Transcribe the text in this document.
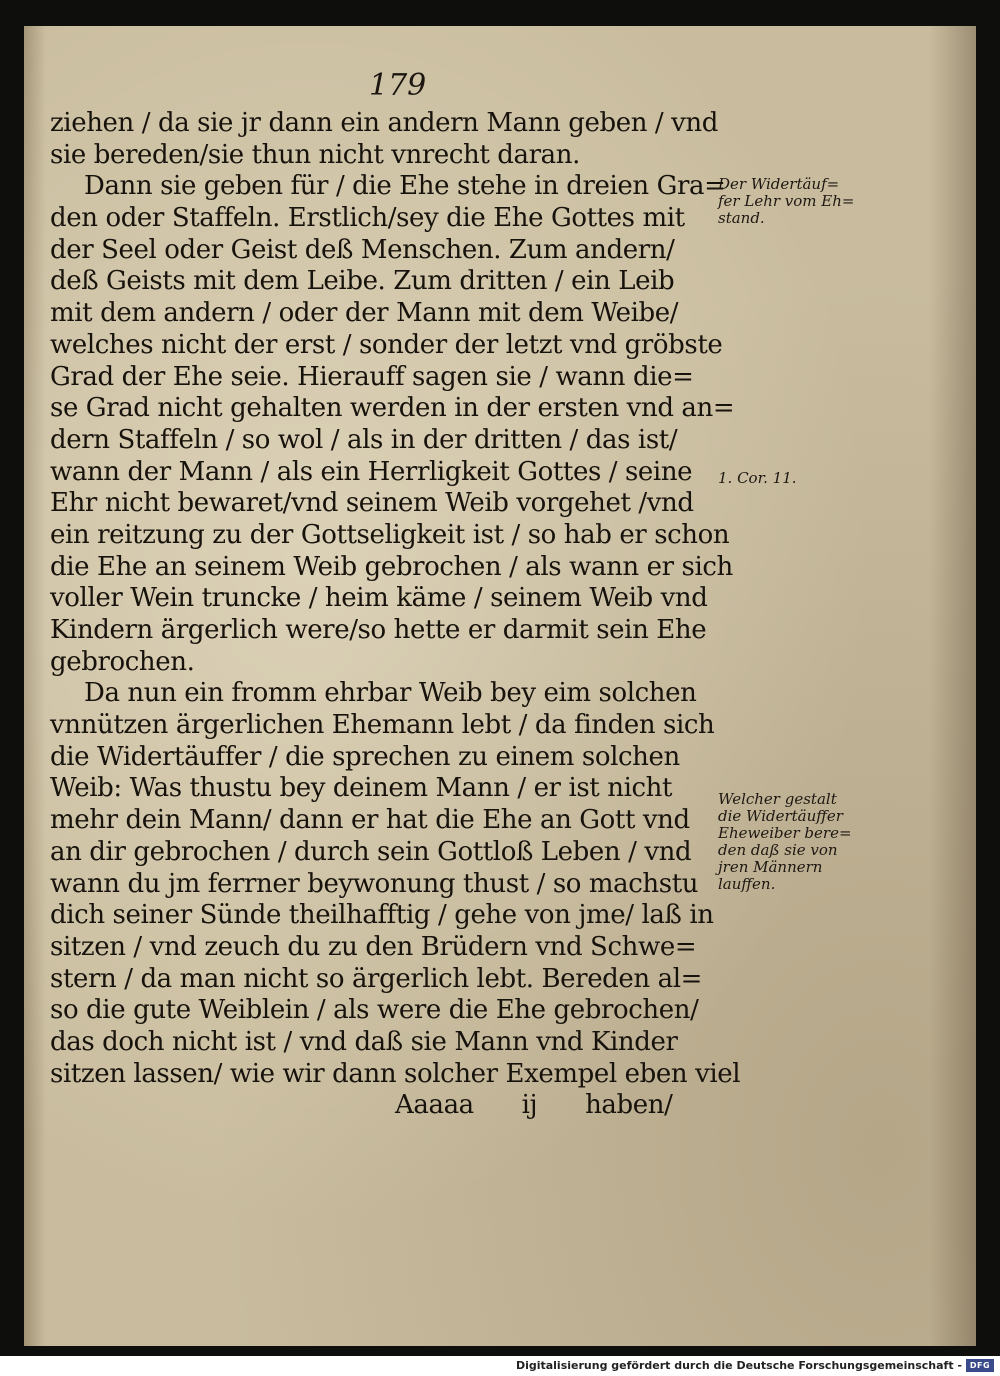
179
ziehen / da sie jr dann ein andern Mann geben / vnd
sie bereden/sie thun nicht vnrecht daran.
Dann sie geben für / die Ehe stehe in dreien Gra=
den oder Staffeln. Erstlich/sey die Ehe Gottes mit
der Seel oder Geist deß Menschen. Zum andern/
deß Geists mit dem Leibe. Zum dritten / ein Leib
mit dem andern / oder der Mann mit dem Weibe/
welches nicht der erst / sonder der letzt vnd gröbste
Grad der Ehe seie. Hierauff sagen sie / wann die=
se Grad nicht gehalten werden in der ersten vnd an=
dern Staffeln / so wol / als in der dritten / das ist/
wann der Mann / als ein Herrligkeit Gottes / seine
Ehr nicht bewaret/vnd seinem Weib vorgehet /vnd
ein reitzung zu der Gottseligkeit ist / so hab er schon
die Ehe an seinem Weib gebrochen / als wann er sich
voller Wein truncke / heim käme / seinem Weib vnd
Kindern ärgerlich were/so hette er darmit sein Ehe
gebrochen.
Da nun ein fromm ehrbar Weib bey eim solchen
vnnützen ärgerlichen Ehemann lebt / da finden sich
die Widertäuffer / die sprechen zu einem solchen
Weib: Was thustu bey deinem Mann / er ist nicht
mehr dein Mann/ dann er hat die Ehe an Gott vnd
an dir gebrochen / durch sein Gottloß Leben / vnd
wann du jm ferrner beywonung thust / so machstu
dich seiner Sünde theilhafftig / gehe von jme/ laß in
sitzen / vnd zeuch du zu den Brüdern vnd Schwe=
stern / da man nicht so ärgerlich lebt. Bereden al=
so die gute Weiblein / als were die Ehe gebrochen/
das doch nicht ist / vnd daß sie Mann vnd Kinder
sitzen lassen/ wie wir dann solcher Exempel eben viel
Aaaaa ij haben/
Der Widertäuf=
fer Lehr vom Eh=
stand.
1. Cor. 11.
Welcher gestalt
die Widertäuffer
Eheweiber bere=
den daß sie von
jren Männern
lauffen.
Digitalisierung gefördert durch die Deutsche Forschungsgemeinschaft - DFG
